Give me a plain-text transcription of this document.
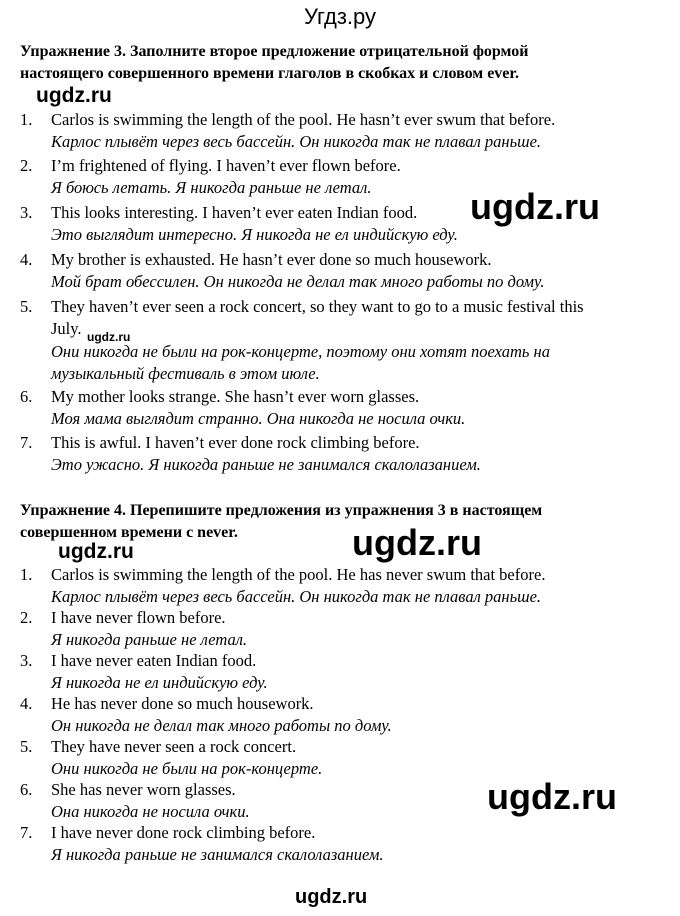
Угдз.ру
Упражнение 3. Заполните второе предложение отрицательной формой
настоящего совершенного времени глаголов в скобках и словом ever.
1. Carlos is swimming the length of the pool. He hasn’t ever swum that before.
Карлос плывёт через весь бассейн. Он никогда так не плавал раньше.
2. I’m frightened of flying. I haven’t ever flown before.
Я боюсь летать. Я никогда раньше не летал.
3. This looks interesting. I haven’t ever eaten Indian food.
Это выглядит интересно. Я никогда не ел индийскую еду.
4. My brother is exhausted. He hasn’t ever done so much housework.
Мой брат обессилен. Он никогда не делал так много работы по дому.
5. They haven’t ever seen a rock concert, so they want to go to a music festival this
July.
Они никогда не были на рок-концерте, поэтому они хотят поехать на
музыкальный фестиваль в этом июле.
6. My mother looks strange. She hasn’t ever worn glasses.
Моя мама выглядит странно. Она никогда не носила очки.
7. This is awful. I haven’t ever done rock climbing before.
Это ужасно. Я никогда раньше не занимался скалолазанием.
Упражнение 4. Перепишите предложения из упражнения 3 в настоящем
совершенном времени с never.
1. Carlos is swimming the length of the pool. He has never swum that before.
Карлос плывёт через весь бассейн. Он никогда так не плавал раньше.
2. I have never flown before.
Я никогда раньше не летал.
3. I have never eaten Indian food.
Я никогда не ел индийскую еду.
4. He has never done so much housework.
Он никогда не делал так много работы по дому.
5. They have never seen a rock concert.
Они никогда не были на рок-концерте.
6. She has never worn glasses.
Она никогда не носила очки.
7. I have never done rock climbing before.
Я никогда раньше не занимался скалолазанием.
ugdz.ru
ugdz.ru
ugdz.ru
ugdz.ru
ugdz.ru
ugdz.ru
ugdz.ru
